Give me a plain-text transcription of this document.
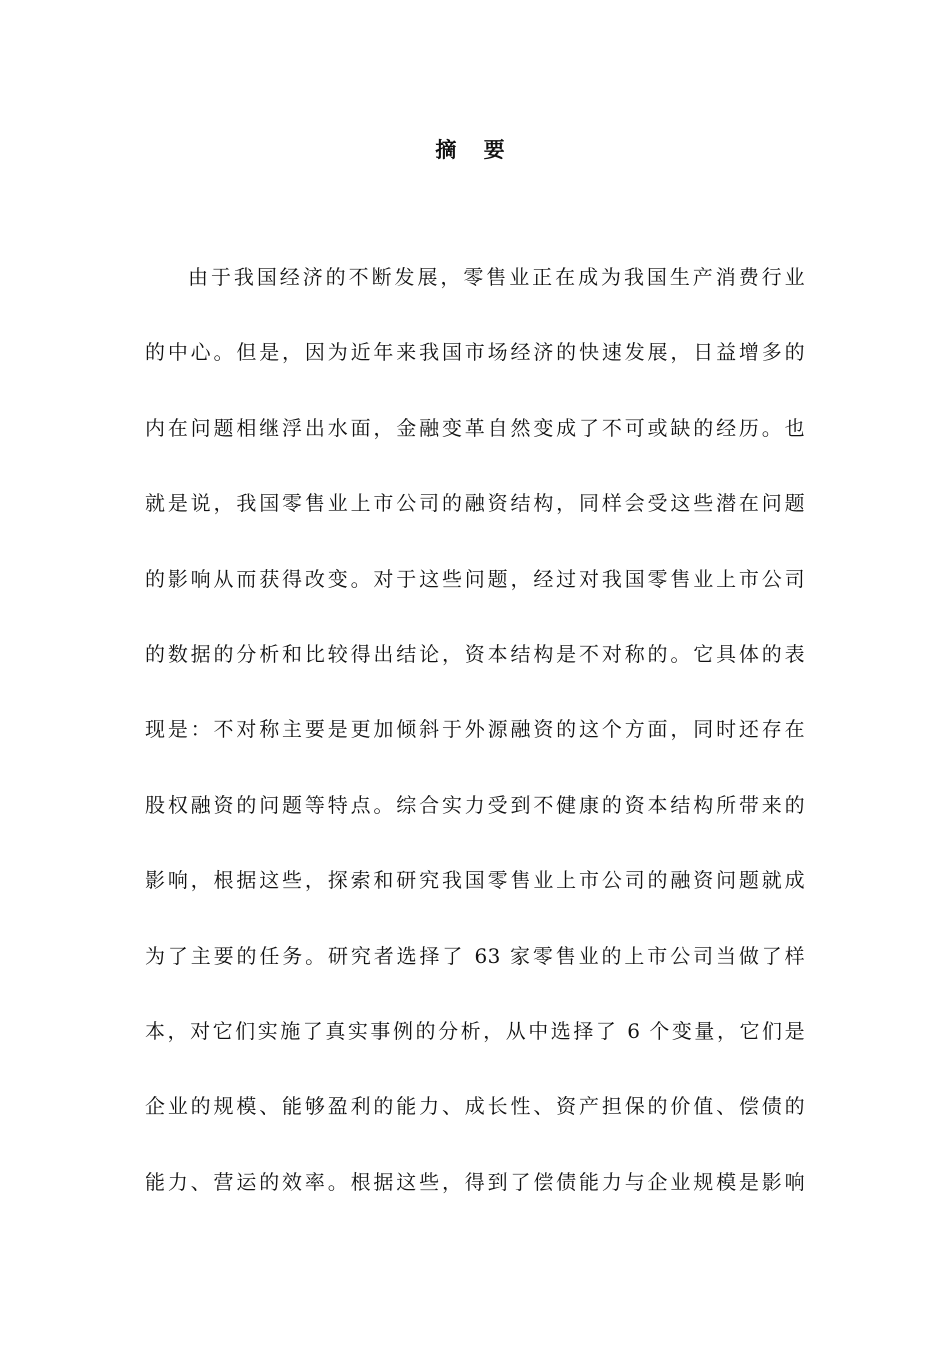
摘 要
由于我国经济的不断发展，零售业正在成为我国生产消费行业
的中心。但是，因为近年来我国市场经济的快速发展，日益增多的
内在问题相继浮出水面，金融变革自然变成了不可或缺的经历。也
就是说，我国零售业上市公司的融资结构，同样会受这些潜在问题
的影响从而获得改变。对于这些问题，经过对我国零售业上市公司
的数据的分析和比较得出结论，资本结构是不对称的。它具体的表
现是：不对称主要是更加倾斜于外源融资的这个方面，同时还存在
股权融资的问题等特点。综合实力受到不健康的资本结构所带来的
影响，根据这些，探索和研究我国零售业上市公司的融资问题就成
为了主要的任务。研究者选择了 63 家零售业的上市公司当做了样
本，对它们实施了真实事例的分析，从中选择了 6 个变量，它们是
企业的规模、能够盈利的能力、成长性、资产担保的价值、偿债的
能力、营运的效率。根据这些，得到了偿债能力与企业规模是影响
